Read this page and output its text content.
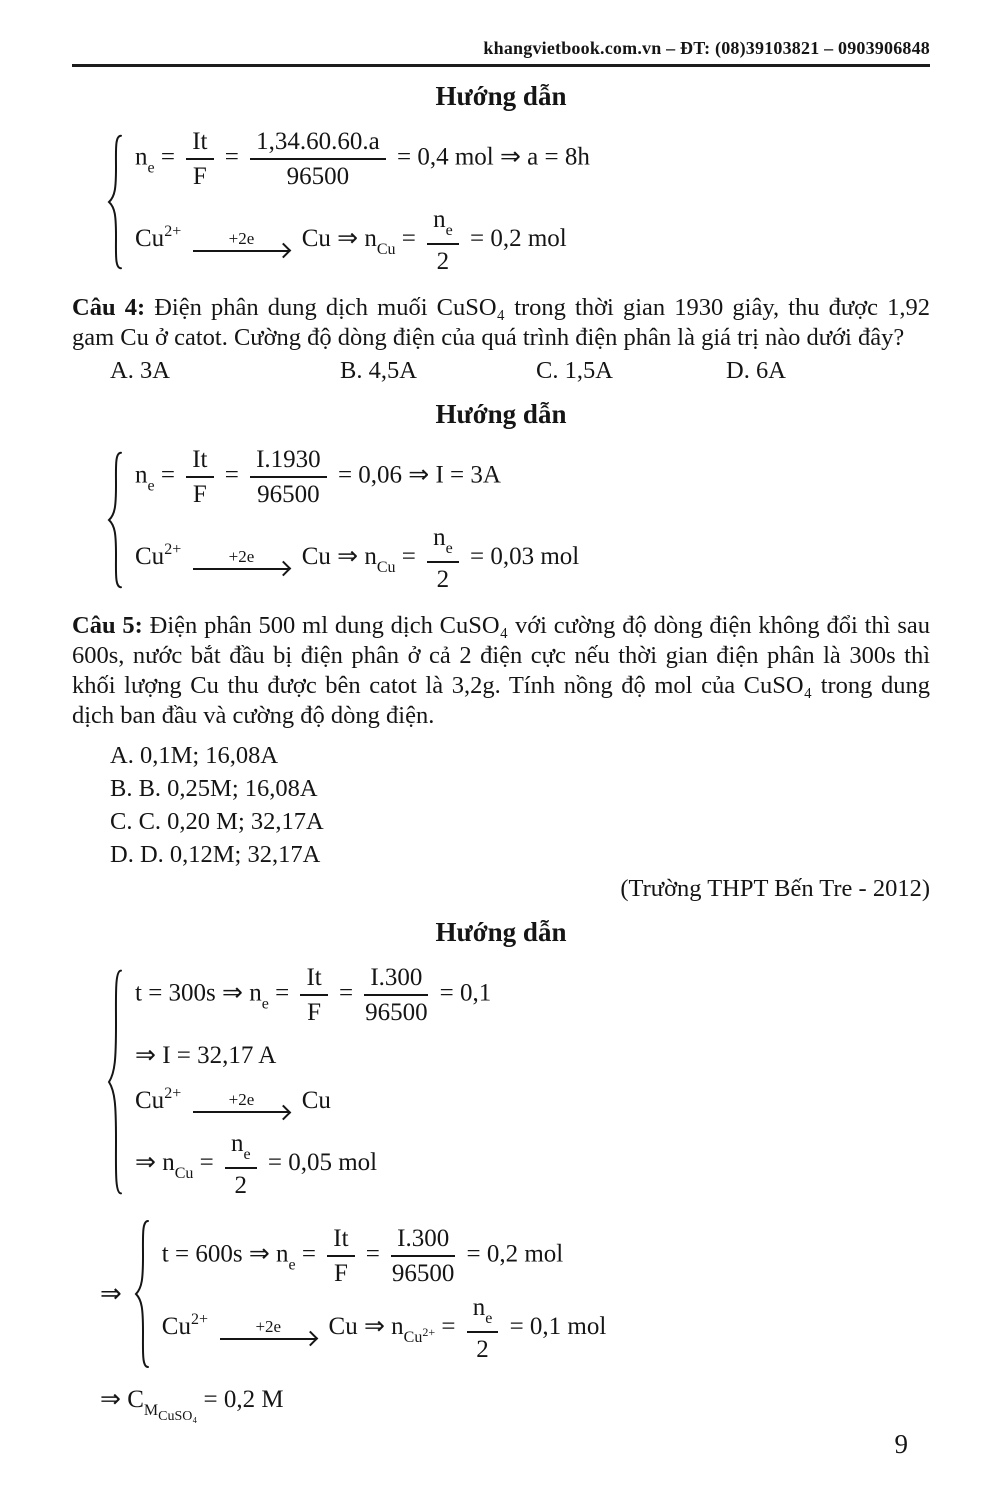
khangvietbook.com.vn – ĐT: (08)39103821 – 0903906848
Hướng dẫn
$n_e = \frac{It}{F} = \frac{1,34.60.60.a}{96500} = 0,4$ mol ⇒ a = 8h
$Cu^{2+}$	+2e Cu ⇒ $n_{Cu} = \frac{n_e}{2} = 0,2$ mol
Câu 4: Điện phân dung dịch muối CuSO₄ trong thời gian 1930 giây, thu được 1,92 gam Cu ở catot. Cường độ dòng điện của quá trình điện phân là giá trị nào dưới đây?
A. 3A	B. 4,5A	C. 1,5A	D. 6A
Hướng dẫn
$n_e = \frac{It}{F} = \frac{I.1930}{96500} = 0,06$ ⇒ I = 3A
$Cu^{2+}$	+2e Cu ⇒ $n_{Cu} = \frac{n_e}{2} = 0,03$ mol
Câu 5: Điện phân 500 ml dung dịch CuSO₄ với cường độ dòng điện không đổi thì sau 600s, nước bắt đầu bị điện phân ở cả 2 điện cực nếu thời gian điện phân là 300s thì khối lượng Cu thu được bên catot là 3,2g. Tính nồng độ mol của CuSO₄ trong dung dịch ban đầu và cường độ dòng điện.
A. 0,1M; 16,08A
B. B. 0,25M; 16,08A
C. C. 0,20 M; 32,17A
D. D. 0,12M; 32,17A
(Trường THPT Bến Tre - 2012)
Hướng dẫn
t = 300s ⇒ $n_e = \frac{It}{F} = \frac{I.300}{96500} = 0,1$
⇒ I = 32,17 A
$Cu^{2+}$	+2e Cu
⇒ $n_{Cu} = \frac{n_e}{2} = 0,05$ mol
⇒
t = 600s ⇒ $n_e = \frac{It}{F} = \frac{I.300}{96500} = 0,2$ mol
$Cu^{2+}$	+2e Cu ⇒ $n_{Cu}2+ = \frac{n_e}{2} = 0,1$ mol
⇒ $C_{MCuSO_4} = 0,2$ M
9
